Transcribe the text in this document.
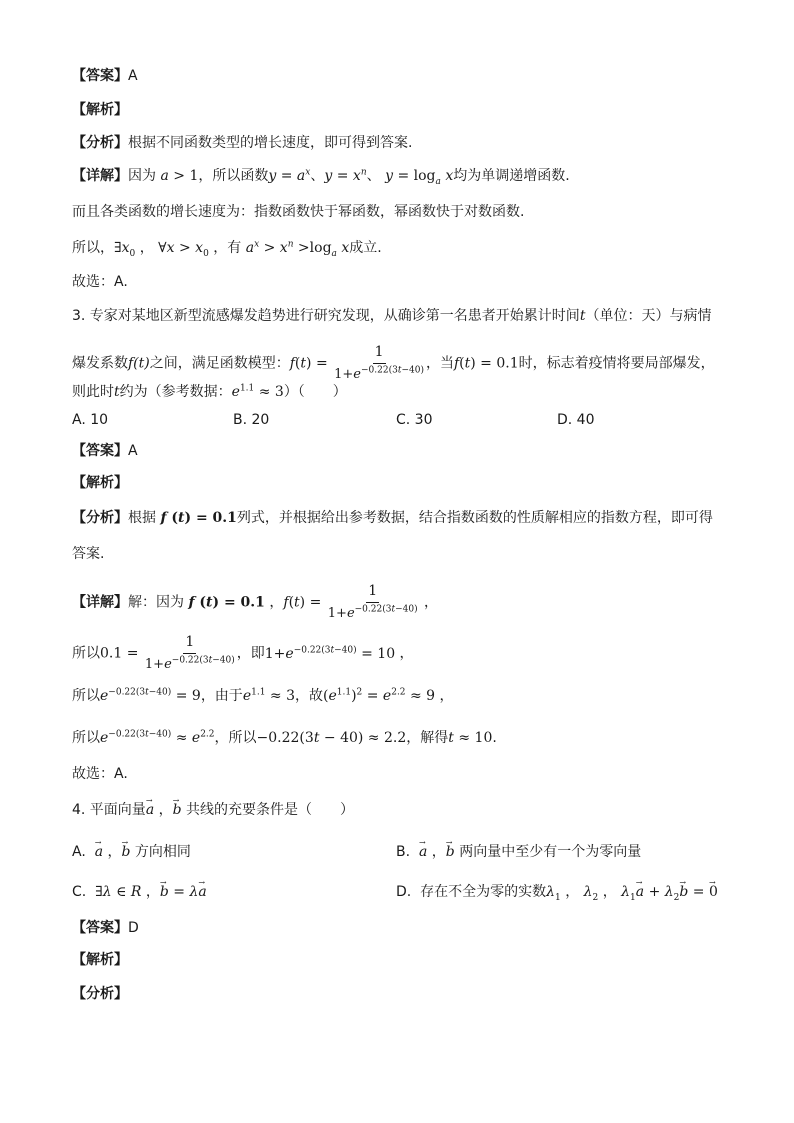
【答案】A
【解析】
【分析】根据不同函数类型的增长速度，即可得到答案.
【详解】因为 a > 1，所以函数$y = a^x$、$y = x^n$、 $y = \log_a x$均为单调递增函数.
而且各类函数的增长速度为：指数函数快于幂函数，幂函数快于对数函数.
所以，$\exists x_0$ ， ∀x > $x_0$ ，有 $a^x > x^n >\log_a$ x成立.
故选：A.
3. 专家对某地区新型流感爆发趋势进行研究发现，从确诊第一名患者开始累计时间t（单位：天）与病情
爆发系数f(t)之间，满足函数模型：$f(t) = \frac{1}{1+e^{-0.22(3t-40)}}$ ，当f(t) = 0.1时，标志着疫情将要局部爆发，
则此时t约为（参考数据：$e^{1.1} \approx 3$）（　　）
A. 10	B. 20	C. 30	D. 40
【答案】A
【解析】
【分析】根据 f (t) = 0.1列式，并根据给出参考数据，结合指数函数的性质解相应的指数方程，即可得
答案.
【详解】解：因为 f (t) = 0.1 ，$f(t) = \frac{1}{1+e^{-0.22(3t-40)}}$ ，
所以$0.1 = \frac{1}{1+e^{-0.22(3t-40)}}$ ，即$1+e^{-0.22(3t-40)} = 10$ ，
所以$e^{-0.22(3t-40)} = 9$，由于$e^{1.1} \approx 3$，故$(e^{1.1})^2 = e^{2.2} \approx 9$ ，
所以$e^{-0.22(3t-40)} \approx e^{2.2}$，所以−0.22(3t − 40) ≈ 2.2，解得t ≈ 10.
故选：A.
4. 平面向量→ a ，→ b 共线的充要条件是（　　）
A. → a ，→ b 方向相同	B. → a ，→ b 两向量中至少有一个为零向量
C. ∃λ ∈ R ，→ b = λ→ a	D. 存在不全为零的实数$\lambda_1$ ， $\lambda_2$ ， $\lambda_1\to a + \lambda_2\to b$ = → 0
【答案】D
【解析】
【分析】
